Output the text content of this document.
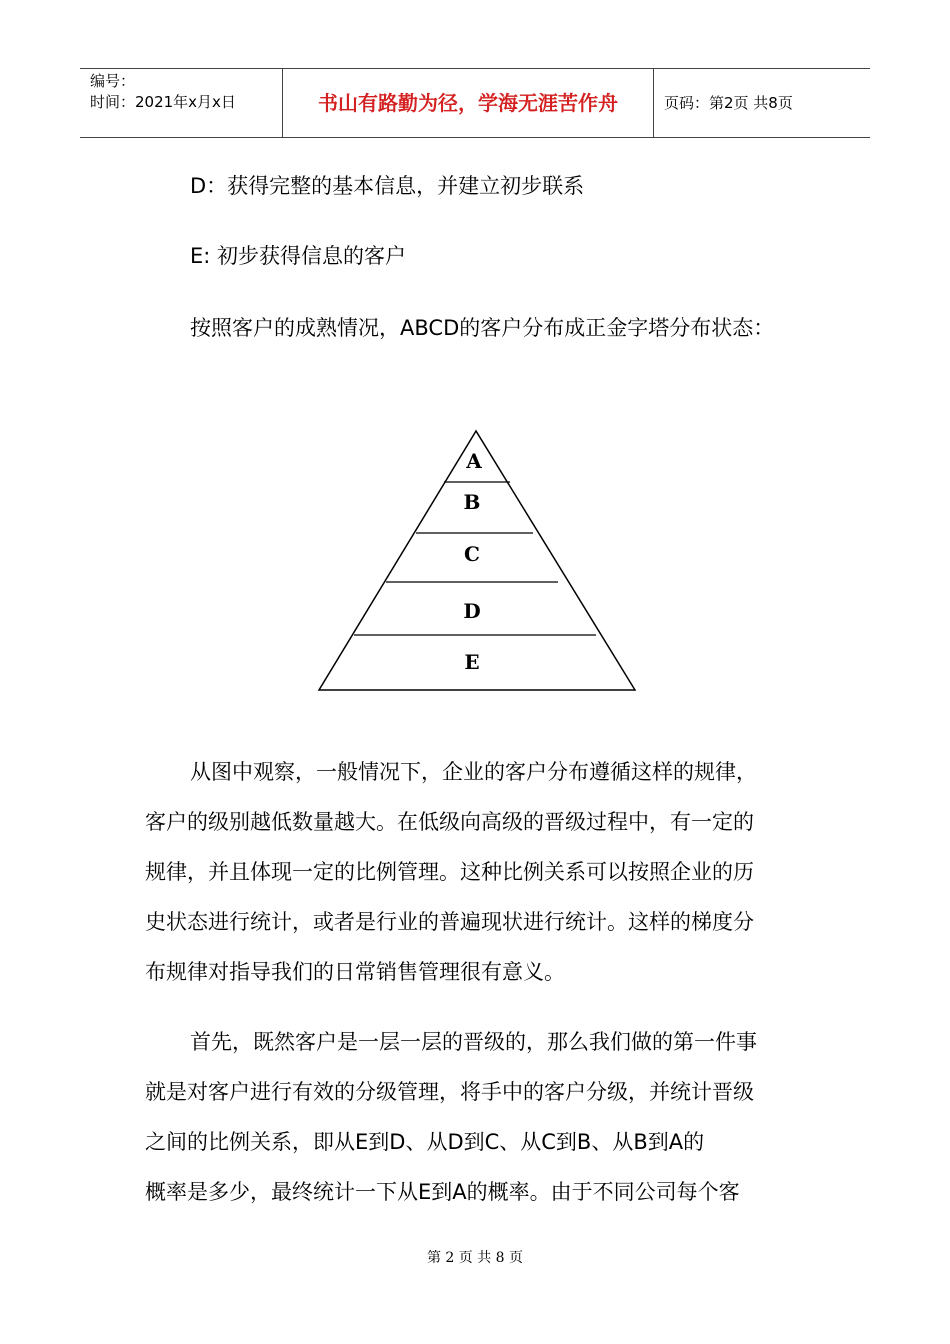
编号：
时间：2021年x月x日	书山有路勤为径，学海无涯苦作舟	页码：第2页 共8页
D：获得完整的基本信息，并建立初步联系
E: 初步获得信息的客户
按照客户的成熟情况，ABCD的客户分布成正金字塔分布状态：
A
B
C
D
E
从图中观察，一般情况下，企业的客户分布遵循这样的规律，
客户的级别越低数量越大。在低级向高级的晋级过程中，有一定的
规律，并且体现一定的比例管理。这种比例关系可以按照企业的历
史状态进行统计，或者是行业的普遍现状进行统计。这样的梯度分
布规律对指导我们的日常销售管理很有意义。
首先，既然客户是一层一层的晋级的，那么我们做的第一件事
就是对客户进行有效的分级管理，将手中的客户分级，并统计晋级
之间的比例关系，即从E到D、从D到C、从C到B、从B到A的
概率是多少，最终统计一下从E到A的概率。由于不同公司每个客
第 2 页 共 8 页
